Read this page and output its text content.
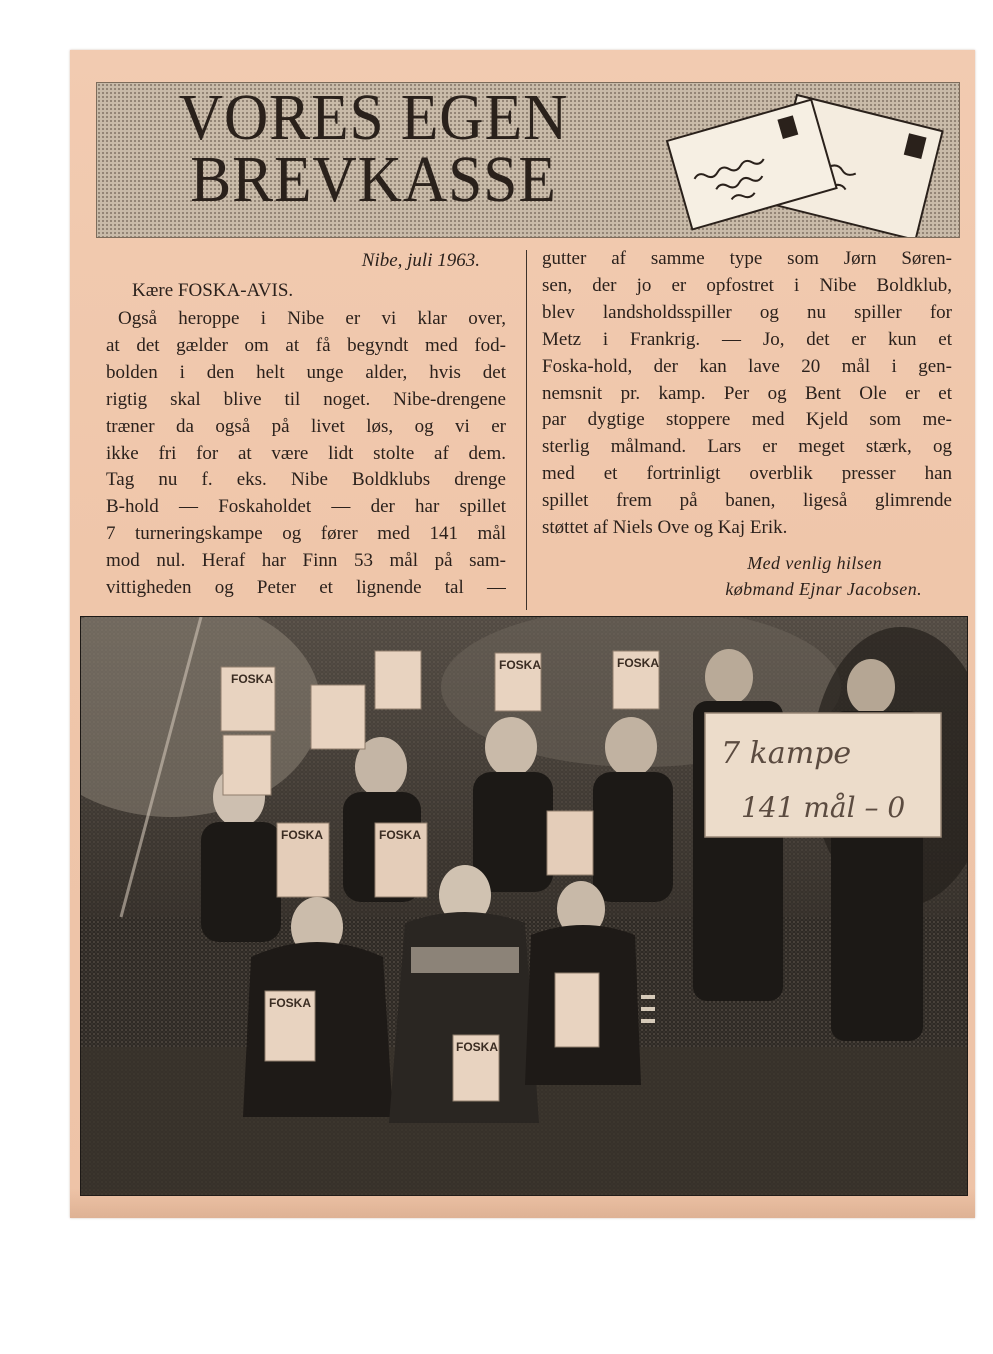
VORES EGEN
BREVKASSE
Nibe, juli 1963.
Kære FOSKA-AVIS.
Også heroppe i Nibe er vi klar over,
at det gælder om at få begyndt med fod-
bolden i den helt unge alder, hvis det
rigtig skal blive til noget. Nibe-drengene
træner da også på livet løs, og vi er
ikke fri for at være lidt stolte af dem.
Tag nu f. eks. Nibe Boldklubs drenge
B-hold — Foskaholdet — der har spillet
7 turneringskampe og fører med 141 mål
mod nul. Heraf har Finn 53 mål på sam-
vittigheden og Peter et lignende tal —
gutter af samme type som Jørn Søren-
sen, der jo er opfostret i Nibe Boldklub,
blev landsholdsspiller og nu spiller for
Metz i Frankrig. — Jo, det er kun et
Foska-hold, der kan lave 20 mål i gen-
nemsnit pr. kamp. Per og Bent Ole er et
par dygtige stoppere med Kjeld som me-
sterlig målmand. Lars er meget stærk, og
med et fortrinligt overblik presser han
spillet frem på banen, ligeså glimrende
støttet af Niels Ove og Kaj Erik.
Med venlig hilsen
købmand Ejnar Jacobsen.
FOSKA
FOSKA	FOSKA
FOSKA	FOSKA
FOSKA
FOSKA
7 kampe
141 mål – 0
